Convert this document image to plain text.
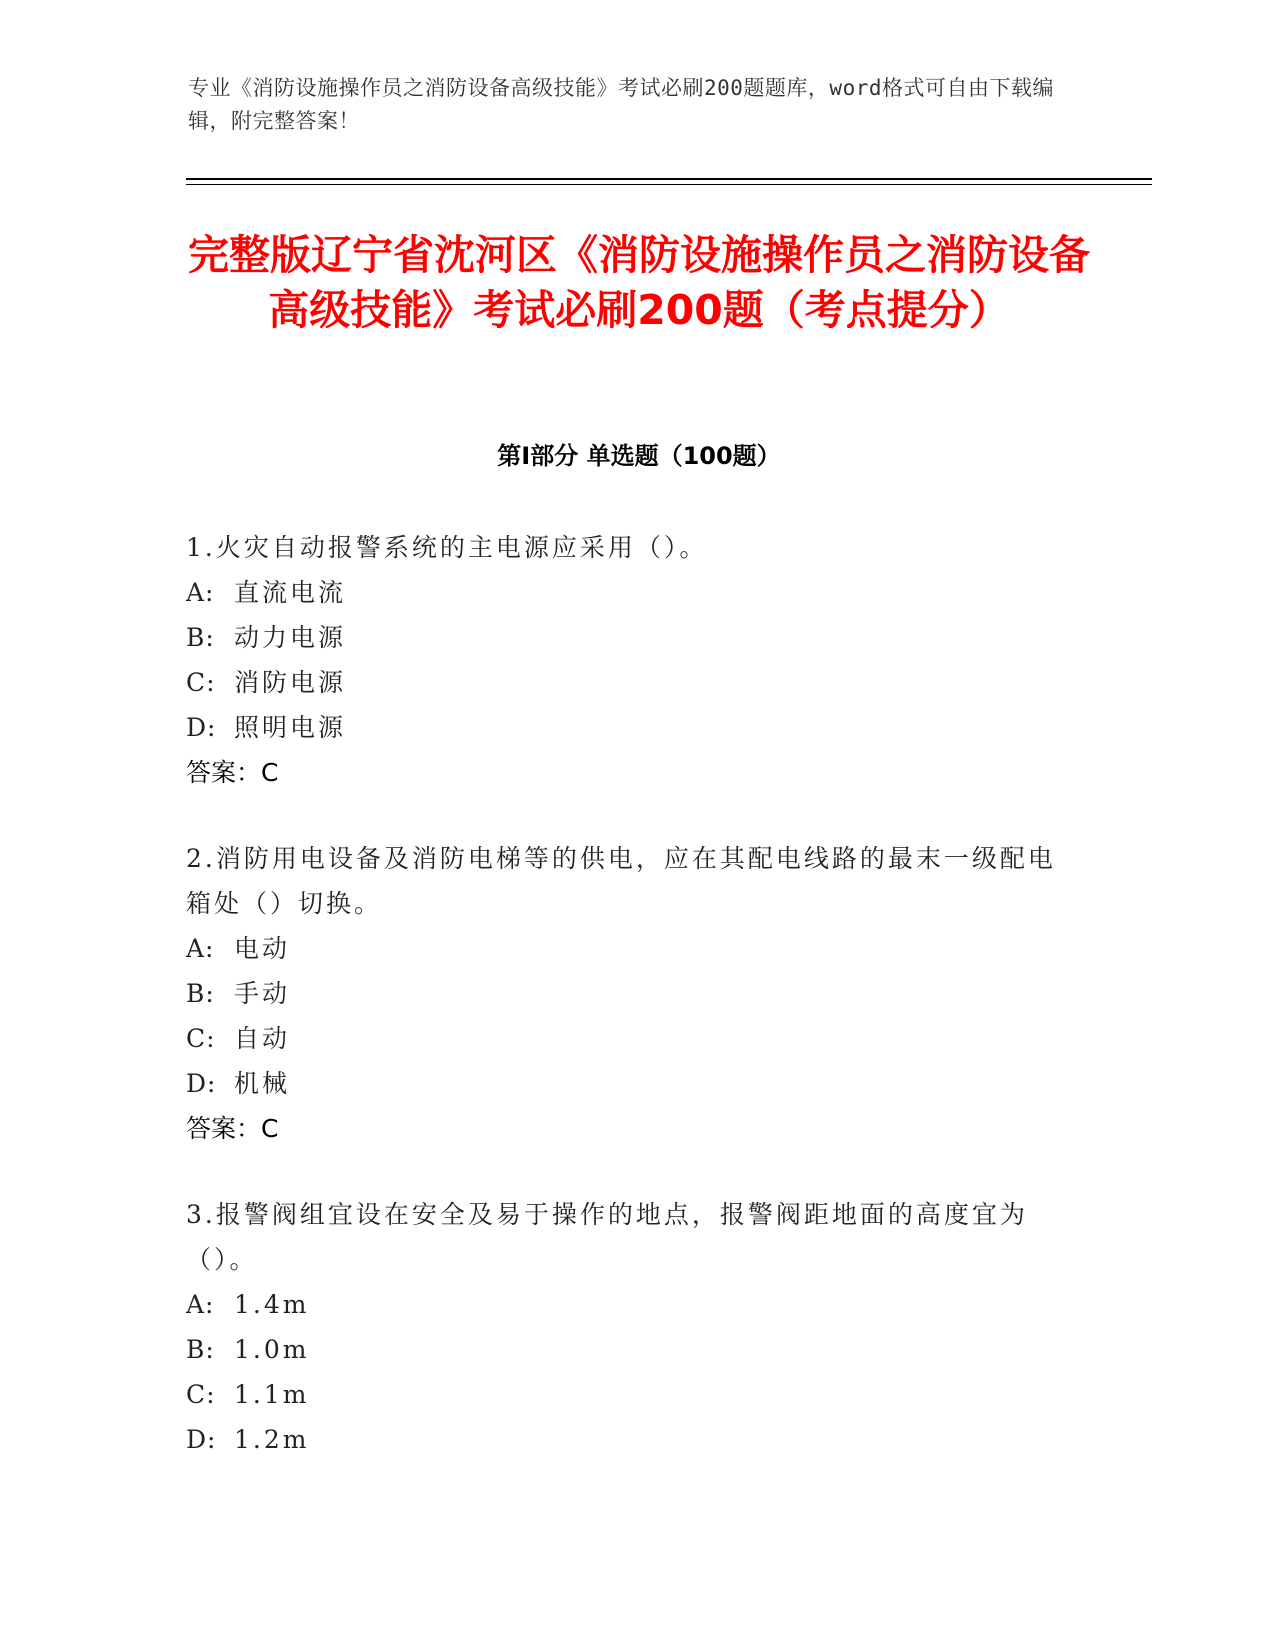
专业《消防设施操作员之消防设备高级技能》考试必刷200题题库，word格式可自由下载编辑，附完整答案！
完整版辽宁省沈河区《消防设施操作员之消防设备高级技能》考试必刷200题（考点提分）
第I部分 单选题（100题）
1.火灾自动报警系统的主电源应采用（）。
A: 直流电流
B: 动力电源
C: 消防电源
D: 照明电源
答案：C
2.消防用电设备及消防电梯等的供电，应在其配电线路的最末一级配电箱处（）切换。
A: 电动
B: 手动
C: 自动
D: 机械
答案：C
3.报警阀组宜设在安全及易于操作的地点，报警阀距地面的高度宜为（）。
A: 1.4m
B: 1.0m
C: 1.1m
D: 1.2m
